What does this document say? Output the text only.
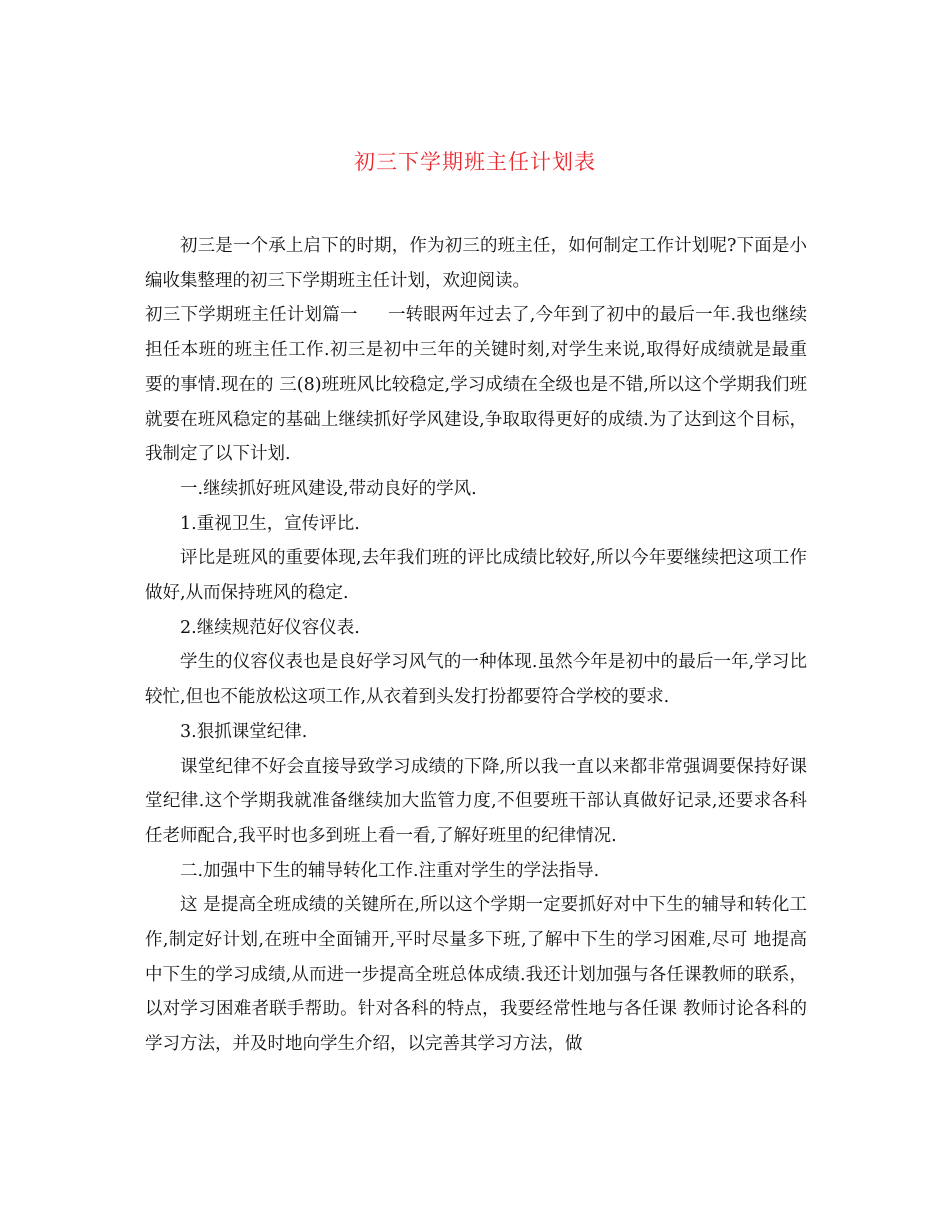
初三下学期班主任计划表

初三是一个承上启下的时期，作为初三的班主任，如何制定工作计划呢?下面是小编收集整理的初三下学期班主任计划，欢迎阅读。

初三下学期班主任计划篇一 一转眼两年过去了,今年到了初中的最后一年.我也继续担任本班的班主任工作.初三是初中三年的关键时刻,对学生来说,取得好成绩就是最重要的事情.现在的 三(8)班班风比较稳定,学习成绩在全级也是不错,所以这个学期我们班就要在班风稳定的基础上继续抓好学风建设,争取取得更好的成绩.为了达到这个目标， 我制定了以下计划.

一.继续抓好班风建设,带动良好的学风.

1.重视卫生，宣传评比.

评比是班风的重要体现,去年我们班的评比成绩比较好,所以今年要继续把这项工作做好,从而保持班风的稳定.

2.继续规范好仪容仪表.

学生的仪容仪表也是良好学习风气的一种体现.虽然今年是初中的最后一年,学习比较忙,但也不能放松这项工作,从衣着到头发打扮都要符合学校的要求.

3.狠抓课堂纪律.

课堂纪律不好会直接导致学习成绩的下降,所以我一直以来都非常强调要保持好课堂纪律.这个学期我就准备继续加大监管力度,不但要班干部认真做好记录,还要求各科任老师配合,我平时也多到班上看一看,了解好班里的纪律情况.

二.加强中下生的辅导转化工作.注重对学生的学法指导.

这 是提高全班成绩的关键所在,所以这个学期一定要抓好对中下生的辅导和转化工作,制定好计划,在班中全面铺开,平时尽量多下班,了解中下生的学习困难,尽可 地提高中下生的学习成绩,从而进一步提高全班总体成绩.我还计划加强与各任课教师的联系，以对学习困难者联手帮助。针对各科的特点，我要经常性地与各任课 教师讨论各科的学习方法，并及时地向学生介绍，以完善其学习方法，做
